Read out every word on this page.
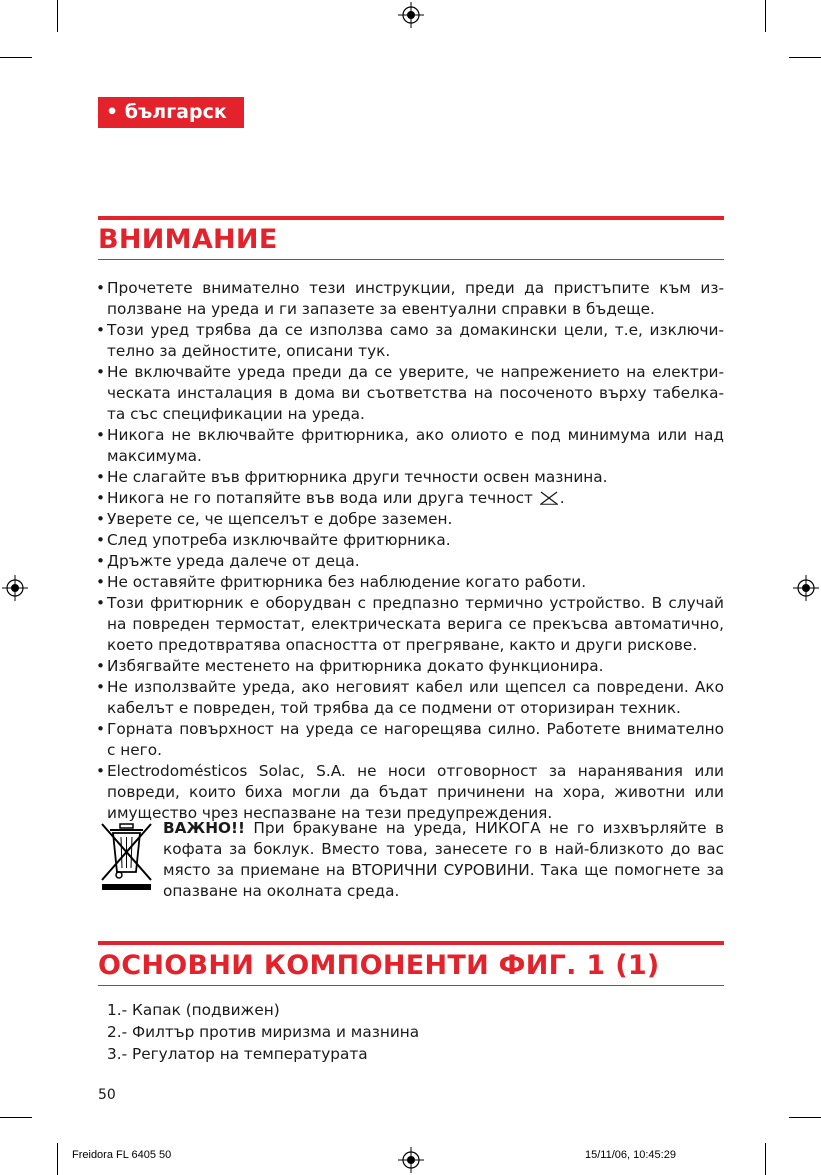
• българск
ВНИМАНИЕ
• Прочетете внимателно тези инструкции, преди да пристъпите към из- ползване на уреда и ги запазете за евентуални справки в бъдеще.
• Този уред трябва да се използва само за домакински цели, т.е, изключи- телно за дейностите, описани тук.
• Не включвайте уреда преди да се уверите, че напрежението на електри- ческата инсталация в дома ви съответства на посоченото върху табелка- та със спецификации на уреда.
• Никога не включвайте фритюрника, ако олиото е под минимума или над максимума.
• Не слагайте във фритюрника други течности освен мазнина.
• Никога не го потапяйте във вода или друга течност .
• Уверете се, че щепселът е добре заземен.
• След употреба изключвайте фритюрника.
• Дръжте уреда далече от деца.
• Не оставяйте фритюрника без наблюдение когато работи.
• Този фритюрник е оборудван с предпазно термично устройство. В случай на повреден термостат, електрическата верига се прекъсва автоматично, което предотвратява опасността от прегряване, както и други рискове.
• Избягвайте местенето на фритюрника докато функционира.
• Не използвайте уреда, ако неговият кабел или щепсел са повредени. Ако кабелът е повреден, той трябва да се подмени от оторизиран техник.
• Горната повърхност на уреда се нагорещява силно. Работете внимателно с него.
• Electrodomésticos Solac, S.A. не носи отговорност за наранявания или повреди, които биха могли да бъдат причинени на хора, животни или имущество чрез неспазване на тези предупреждения.
ВАЖНО!! При бракуване на уреда, НИКОГА не го изхвърляйте в кофата за боклук. Вместо това, занесете го в най-близкото до вас място за приемане на ВТОРИЧНИ СУРОВИНИ. Така ще помогнете за опазване на околната среда.
ОСНОВНИ КОМПОНЕНТИ ФИГ. 1 (1)
1.- Капак (подвижен)
2.- Филтър против миризма и мазнина
3.- Регулатор на температурата
50
Freidora FL 6405 50	15/11/06, 10:45:29
